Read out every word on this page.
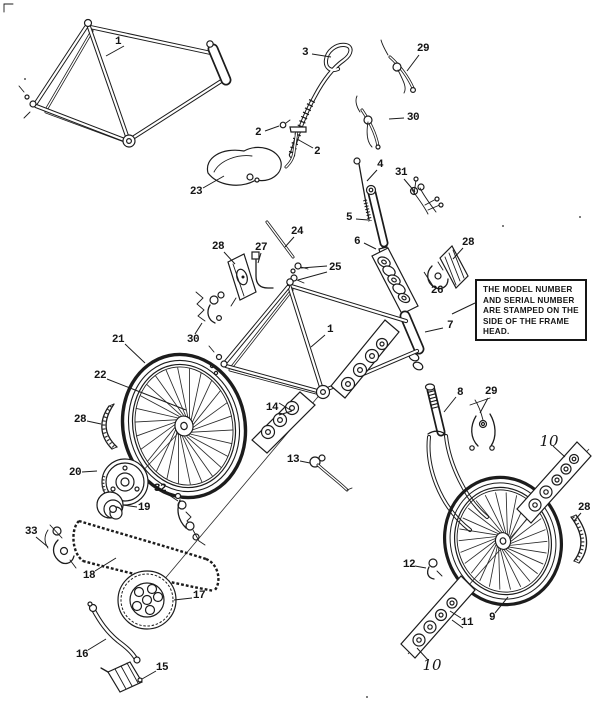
1
23
2
2
3	29
30
4
31
5
6	28
26
24
27
28
25
1
30
21
22
28
14
13
20
32
19
33
18
17
16
15
8 29
10
28
12
11 9
10
7
THE MODEL NUMBER
AND SERIAL NUMBER
ARE STAMPED ON THE
SIDE OF THE FRAME
HEAD.
